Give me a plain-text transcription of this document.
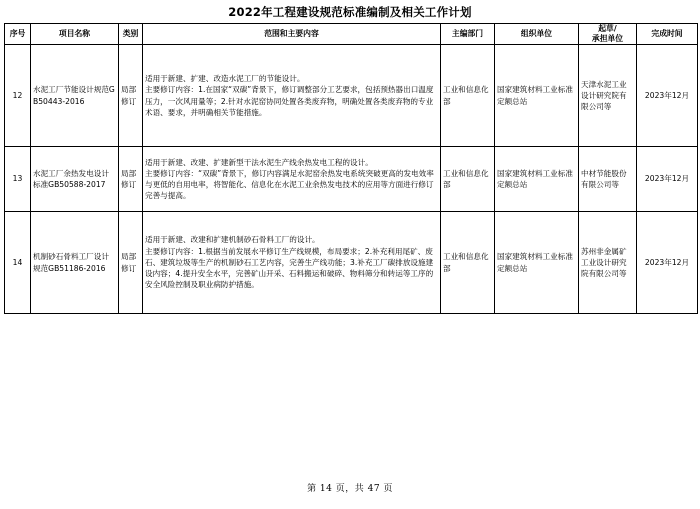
2022年工程建设规范标准编制及相关工作计划
序号	项目名称	类别	范围和主要内容	主编部门	组织单位	起草/
承担单位	完成时间
12	水泥工厂节能设计规范GB50443-2016	局部修订	适用于新建、扩建、改造水泥工厂的节能设计。
主要修订内容：1.在国家“双碳”背景下，修订调整部分工艺要求，包括预热器出口温度压力，一次风用量等；2.针对水泥窑协同处置各类废弃物，明确处置各类废弃物的专业术语、要求，并明确相关节能措施。	工业和信息化部	国家建筑材料工业标准定额总站	天津水泥工业设计研究院有限公司等	2023年12月
13	水泥工厂余热发电设计标准GB50588-2017	局部修订	适用于新建、改建、扩建新型干法水泥生产线余热发电工程的设计。
主要修订内容：“双碳”背景下，修订内容满足水泥窑余热发电系统突破更高的发电效率与更低的自用电率，将智能化、信息化在水泥工业余热发电技术的应用等方面进行修订完善与提高。	工业和信息化部	国家建筑材料工业标准定额总站	中材节能股份有限公司等	2023年12月
14	机制砂石骨料工厂设计规范GB51186-2016	局部修订	适用于新建、改建和扩建机制砂石骨料工厂的设计。
主要修订内容：1.根据当前发展水平修订生产线规模，布局要求；2.补充利用尾矿、废石、建筑垃圾等生产的机制砂石工艺内容，完善生产线功能；3.补充工厂碳排放设施建设内容；4.提升安全水平，完善矿山开采、石料搬运和破碎、物料筛分和转运等工序的安全风险控制及职业病防护措施。	工业和信息化部	国家建筑材料工业标准定额总站	苏州非金属矿工业设计研究院有限公司等	2023年12月
第 14 页，共 47 页
